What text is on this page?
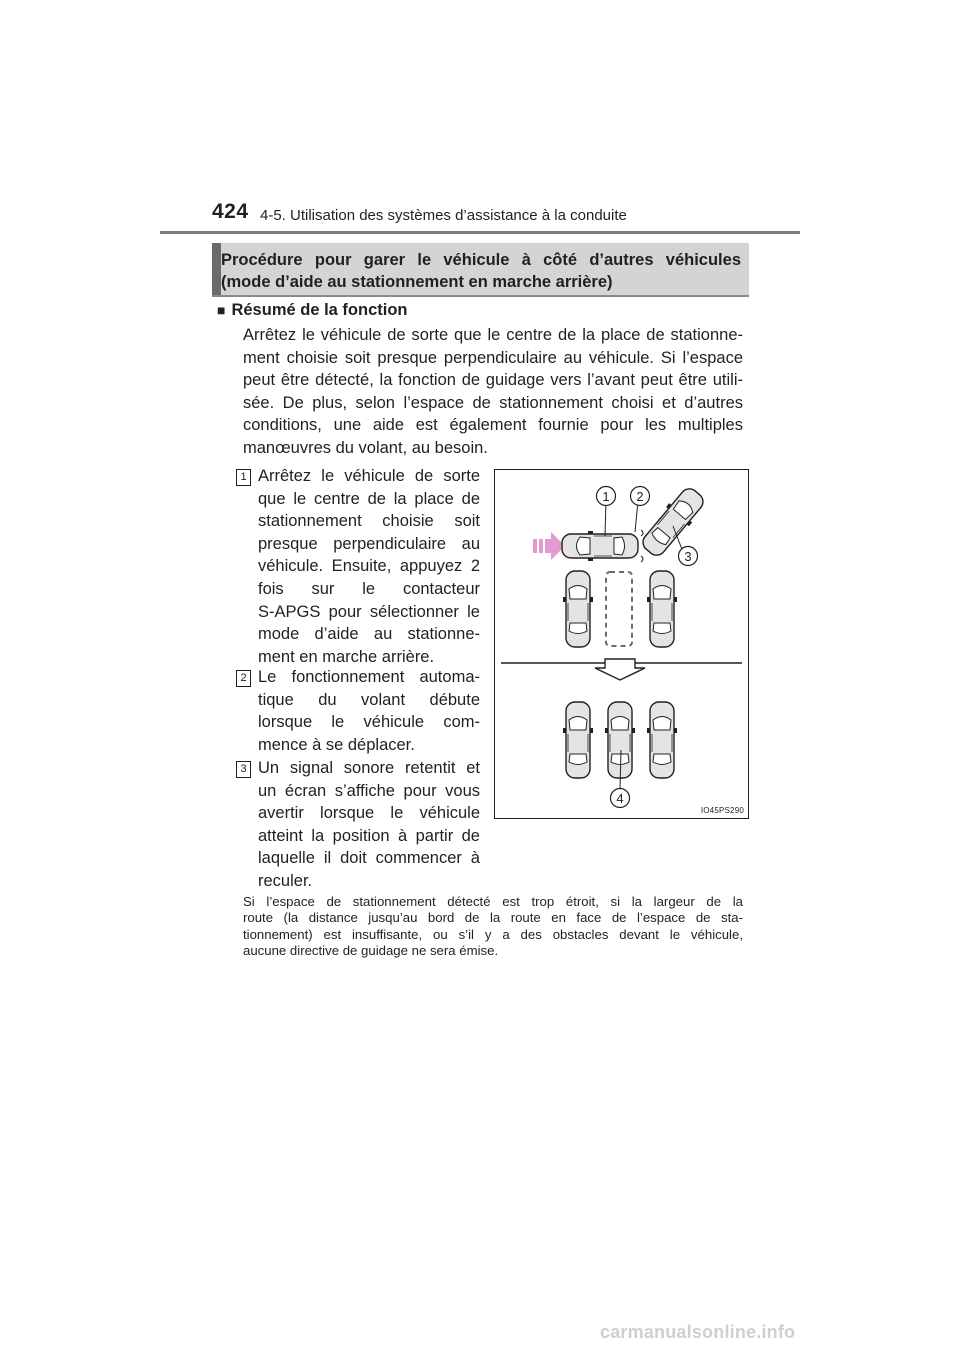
424 4-5. Utilisation des systèmes d’assistance à la conduite
Procédure pour garer le véhicule à côté d’autres véhicules
(mode d’aide au stationnement en marche arrière)
■ Résumé de la fonction
Arrêtez le véhicule de sorte que le centre de la place de stationne-
ment choisie soit presque perpendiculaire au véhicule. Si l’espace
peut être détecté, la fonction de guidage vers l’avant peut être utili-
sée. De plus, selon l’espace de stationnement choisi et d’autres
conditions, une aide est également fournie pour les multiples
manœuvres du volant, au besoin.
1 Arrêtez le véhicule de sorte
que le centre de la place de
stationnement choisie soit
presque perpendiculaire au
véhicule. Ensuite, appuyez 2
fois sur le contacteur
S-APGS pour sélectionner le
mode d’aide au stationne-
ment en marche arrière.
2 Le fonctionnement automa-
tique du volant débute
lorsque le véhicule com-
mence à se déplacer.
3 Un signal sonore retentit et
un écran s’affiche pour vous
avertir lorsque le véhicule
atteint la position à partir de
laquelle il doit commencer à
reculer.
1 2
3
4
IO45PS290
Si l’espace de stationnement détecté est trop étroit, si la largeur de la
route (la distance jusqu’au bord de la route en face de l’espace de sta-
tionnement) est insuffisante, ou s’il y a des obstacles devant le véhicule,
aucune directive de guidage ne sera émise.
carmanualsonline.info
